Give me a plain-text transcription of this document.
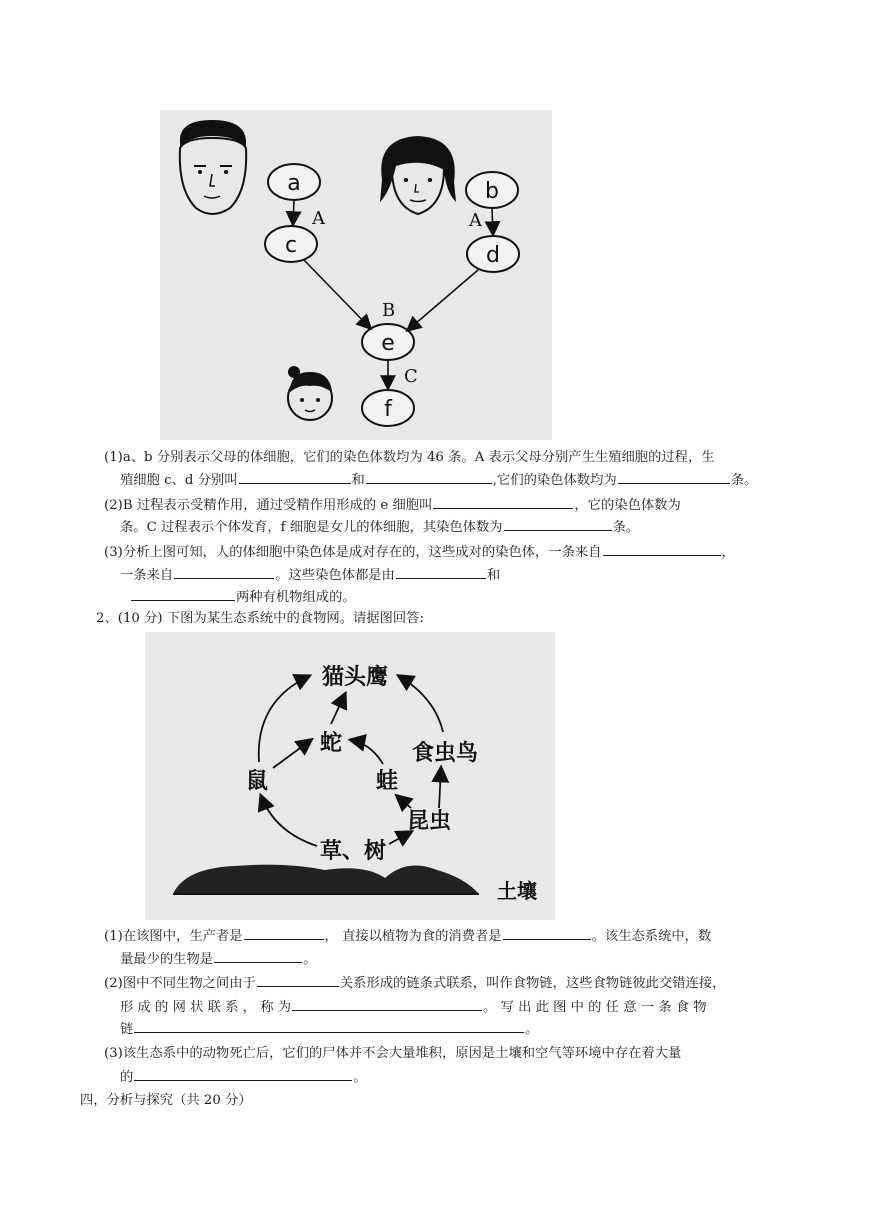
a	b
c	d
e
f
A	A
B
C
(1)a、b 分别表示父母的体细胞，它们的染色体数均为 46 条。A 表示父母分别产生生殖细胞的过程，生
殖细胞 c、d 分别叫	和	,它们的染色体数均为	条。
(2)B 过程表示受精作用，通过受精作用形成的 e 细胞叫	，它的染色体数为
条。C 过程表示个体发育，f 细胞是女儿的体细胞，其染色体数为	条。
(3)分析上图可知，人的体细胞中染色体是成对存在的，这些成对的染色体，一条来自	，
一条来自	。这些染色体都是由	和
两种有机物组成的。
2、(10 分) 下图为某生态系统中的食物网。请据图回答:
猫头鹰
蛇	食虫鸟
鼠	蛙
昆虫
草、树
土壤
(1)在该图中，生产者是	， 直接以植物为食的消费者是	。该生态系统中，数
量最少的生物是	。
(2)图中不同生物之间由于	关系形成的链条式联系，叫作食物链，这些食物链彼此交错连接，
形 成 的 网 状 联 系 ， 称 为	。 写 出 此 图 中 的 任 意 一 条 食 物
链	。
(3)该生态系中的动物死亡后，它们的尸体并不会大量堆积，原因是土壤和空气等环境中存在着大量
的	。
四，分析与探究（共 20 分）
